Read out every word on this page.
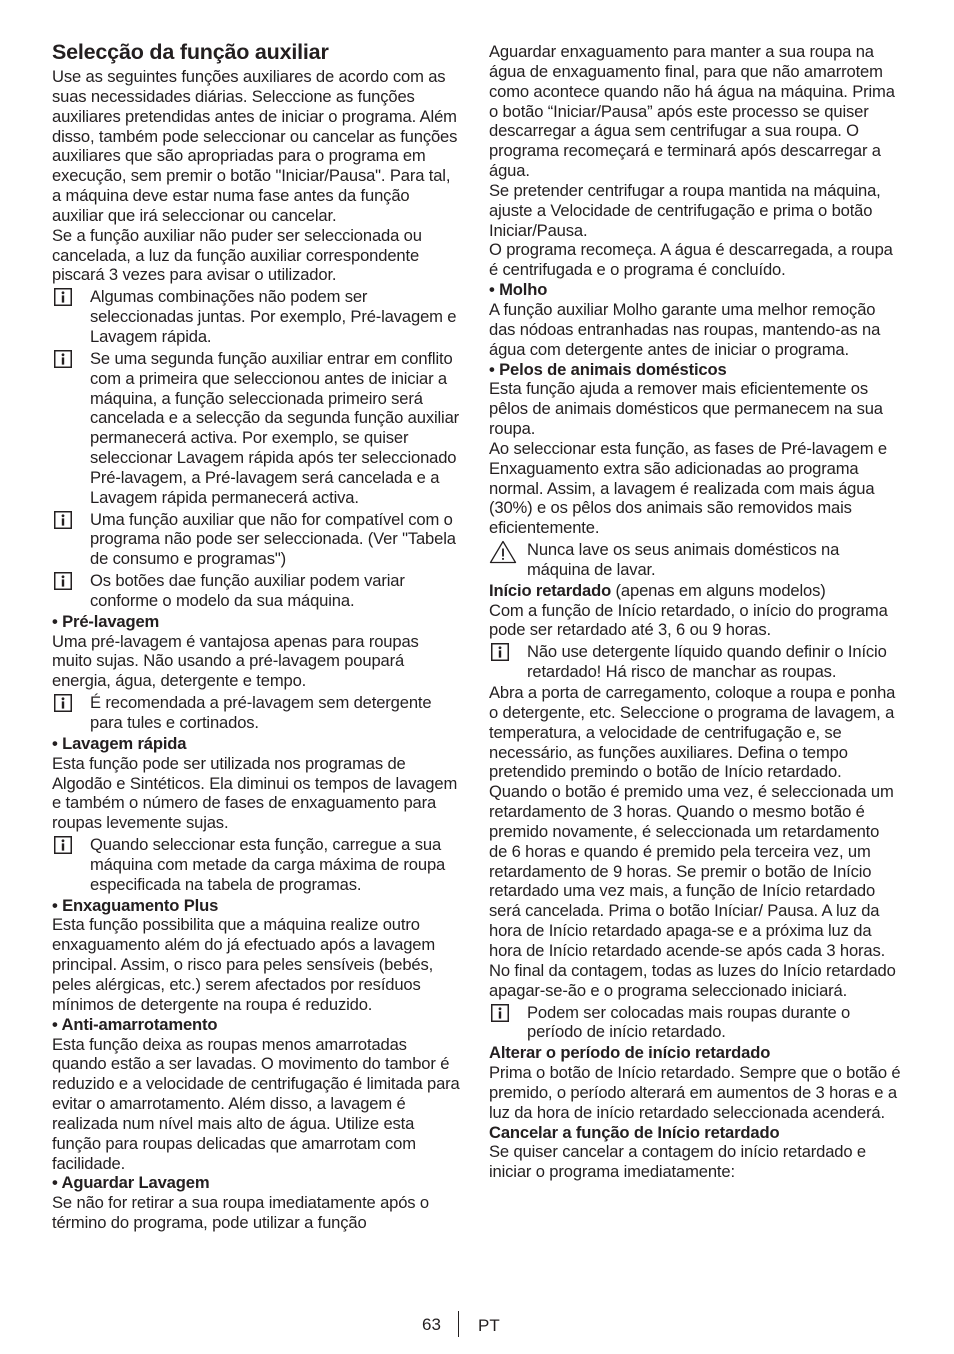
Selecção da função auxiliar

Use as seguintes funções auxiliares de acordo com as suas necessidades diárias. Seleccione as funções auxiliares pretendidas antes de iniciar o programa. Além disso, também pode seleccionar ou cancelar as funções auxiliares que são apropriadas para o programa em execução, sem premir o botão "Iniciar/Pausa". Para tal, a máquina deve estar numa fase antes da função auxiliar que irá seleccionar ou cancelar.

Se a função auxiliar não puder ser seleccionada ou cancelada, a luz da função auxiliar correspondente piscará 3 vezes para avisar o utilizador.

Algumas combinações não podem ser seleccionadas juntas. Por exemplo, Pré-lavagem e Lavagem rápida.

Se uma segunda função auxiliar entrar em conflito com a primeira que seleccionou antes de iniciar a máquina, a função seleccionada primeiro será cancelada e a selecção da segunda função auxiliar permanecerá activa. Por exemplo, se quiser seleccionar Lavagem rápida após ter seleccionado Pré-lavagem, a Pré-lavagem será cancelada e a Lavagem rápida permanecerá activa.

Uma função auxiliar que não for compatível com o programa não pode ser seleccionada. (Ver "Tabela de consumo e programas")

Os botões dae função auxiliar podem variar conforme o modelo da sua máquina.

• Pré-lavagem

Uma pré-lavagem é vantajosa apenas para roupas muito sujas. Não usando a pré-lavagem poupará energia, água, detergente e tempo.

É recomendada a pré-lavagem sem detergente para tules e cortinados.

• Lavagem rápida

Esta função pode ser utilizada nos programas de Algodão e Sintéticos. Ela diminui os tempos de lavagem e também o número de fases de enxaguamento para roupas levemente sujas.

Quando seleccionar esta função, carregue a sua máquina com metade da carga máxima de roupa especificada na tabela de programas.

• Enxaguamento Plus

Esta função possibilita que a máquina realize outro enxaguamento além do já efectuado após a lavagem principal. Assim, o risco para peles sensíveis (bebés, peles alérgicas, etc.) serem afectados por resíduos mínimos de detergente na roupa é reduzido.

• Anti-amarrotamento

Esta função deixa as roupas menos amarrotadas quando estão a ser lavadas. O movimento do tambor é reduzido e a velocidade de centrifugação é limitada para evitar o amarrotamento. Além disso, a lavagem é realizada num nível mais alto de água. Utilize esta função para roupas delicadas que amarrotam com facilidade.

• Aguardar Lavagem

Se não for retirar a sua roupa imediatamente após o término do programa, pode utilizar a função

Aguardar enxaguamento para manter a sua roupa na água de enxaguamento final, para que não amarrotem como acontece quando não há água na máquina. Prima o botão “Iniciar/Pausa” após este processo se quiser descarregar a água sem centrifugar a sua roupa. O programa recomeçará e terminará após descarregar a água.

Se pretender centrifugar a roupa mantida na máquina, ajuste a Velocidade de centrifugação e prima o botão Iniciar/Pausa.

O programa recomeça. A água é descarregada, a roupa é centrifugada e o programa é concluído.

• Molho

A função auxiliar Molho garante uma melhor remoção das nódoas entranhadas nas roupas, mantendo-as na água com detergente antes de iniciar o programa.

• Pelos de animais domésticos

Esta função ajuda a remover mais eficientemente os pêlos de animais domésticos que permanecem na sua roupa.

Ao seleccionar esta função, as fases de Pré-lavagem e Enxaguamento extra são adicionadas ao programa normal. Assim, a lavagem é realizada com mais água (30%) e os pêlos dos animais são removidos mais eficientemente.

Nunca lave os seus animais domésticos na máquina de lavar.

Início retardado (apenas em alguns modelos)

Com a função de Início retardado, o início do programa pode ser retardado até 3, 6 ou 9 horas.

Não use detergente líquido quando definir o Início retardado! Há risco de manchar as roupas.

Abra a porta de carregamento, coloque a roupa e ponha o detergente, etc. Seleccione o programa de lavagem, a temperatura, a velocidade de centrifugação e, se necessário, as funções auxiliares. Defina o tempo pretendido premindo o botão de Início retardado. Quando o botão é premido uma vez, é seleccionada um retardamento de 3 horas. Quando o mesmo botão é premido novamente, é seleccionada um retardamento de 6 horas e quando é premido pela terceira vez, um retardamento de 9 horas. Se premir o botão de Início retardado uma vez mais, a função de Início retardado será cancelada. Prima o botão Iníciar/ Pausa. A luz da hora de Início retardado apaga-se e a próxima luz da hora de Início retardado acende-se após cada 3 horas. No final da contagem, todas as luzes do Início retardado apagar-se-ão e o programa seleccionado iniciará.

Podem ser colocadas mais roupas durante o período de início retardado.

Alterar o período de início retardado

Prima o botão de Início retardado. Sempre que o botão é premido, o período alterará em aumentos de 3 horas e a luz da hora de início retardado seleccionada acenderá.

Cancelar a função de Início retardado

Se quiser cancelar a contagem do início retardado e iniciar o programa imediatamente:

63 PT
